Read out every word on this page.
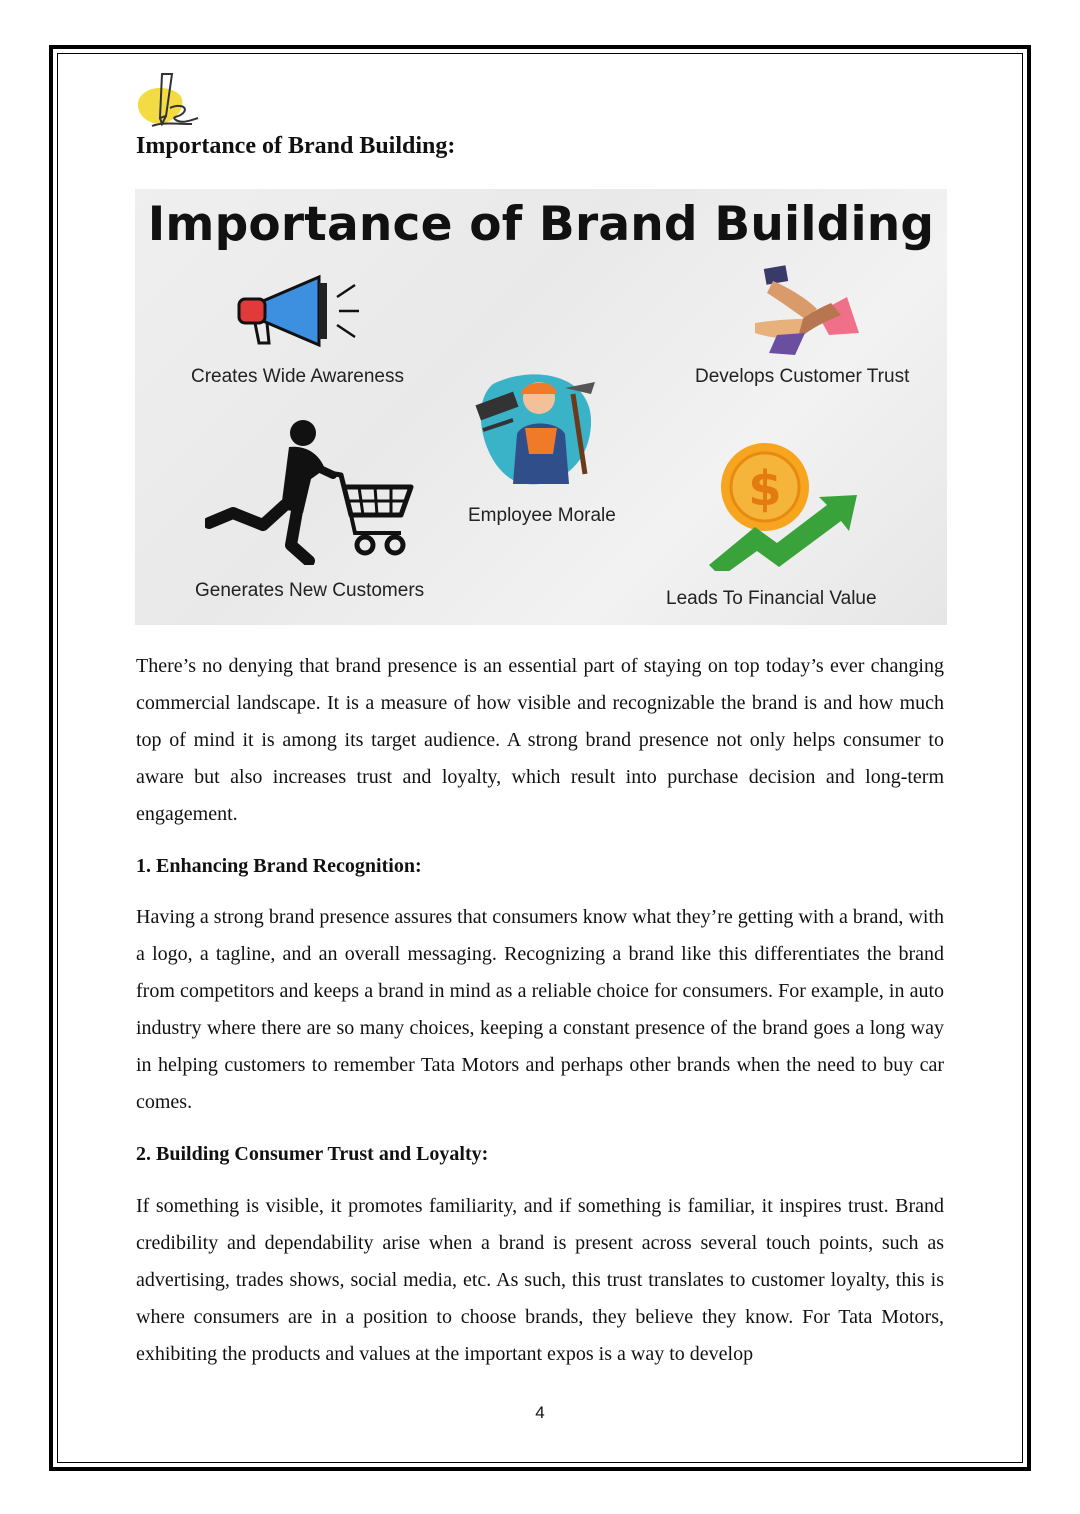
Importance of Brand Building:
Importance of Brand Building
Creates Wide Awareness	Develops Customer Trust
Employee Morale
Generates New Customers
$
Leads To Financial Value

There’s no denying that brand presence is an essential part of staying on top today’s ever changing commercial landscape. It is a measure of how visible and recognizable the brand is and how much top of mind it is among its target audience. A strong brand presence not only helps consumer to aware but also increases trust and loyalty, which result into purchase decision and long-term engagement.

1. Enhancing Brand Recognition:

Having a strong brand presence assures that consumers know what they’re getting with a brand, with a logo, a tagline, and an overall messaging. Recognizing a brand like this differentiates the brand from competitors and keeps a brand in mind as a reliable choice for consumers. For example, in auto industry where there are so many choices, keeping a constant presence of the brand goes a long way in helping customers to remember Tata Motors and perhaps other brands when the need to buy car comes.

2. Building Consumer Trust and Loyalty:

If something is visible, it promotes familiarity, and if something is familiar, it inspires trust. Brand credibility and dependability arise when a brand is present across several touch points, such as advertising, trades shows, social media, etc. As such, this trust translates to customer loyalty, this is where consumers are in a position to choose brands, they believe they know. For Tata Motors, exhibiting the products and values at the important expos is a way to develop

4
